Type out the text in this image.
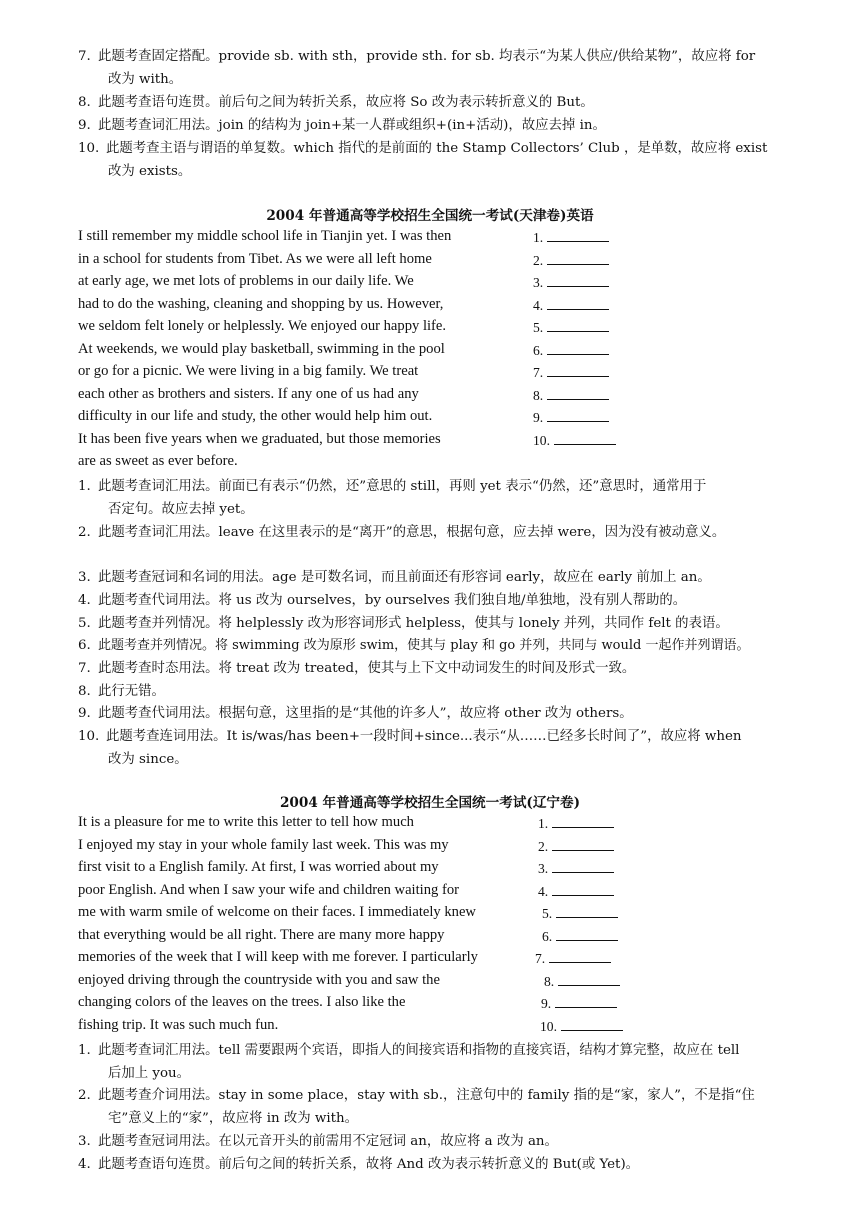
7. 此题考查固定搭配。provide sb. with sth，provide sth. for sb. 均表示“为某人供应/供给某物”，故应将 for
改为 with。
8. 此题考查语句连贯。前后句之间为转折关系，故应将 So 改为表示转折意义的 But。
9. 此题考查词汇用法。join 的结构为 join+某一人群或组织+(in+活动)，故应去掉 in。
10. 此题考查主语与谓语的单复数。which 指代的是前面的 the Stamp Collectors’ Club ，是单数，故应将 exist
改为 exists。
2004 年普通高等学校招生全国统一考试(天津卷)英语
I still remember my middle school life in Tianjin yet. I was then
in a school for students from Tibet. As we were all left home
at early age, we met lots of problems in our daily life. We
had to do the washing, cleaning and shopping by us. However,
we seldom felt lonely or helplessly. We enjoyed our happy life.
At weekends, we would play basketball, swimming in the pool
or go for a picnic. We were living in a big family. We treat
each other as brothers and sisters. If any one of us had any
difficulty in our life and study, the other would help him out.
It has been five years when we graduated, but those memories
are as sweet as ever before.
1.
2.
3.
4.
5.
6.
7.
8.
9.
10.
1. 此题考查词汇用法。前面已有表示“仍然，还”意思的 still，再则 yet 表示“仍然，还”意思时，通常用于
否定句。故应去掉 yet。
2. 此题考查词汇用法。leave 在这里表示的是“离开”的意思，根据句意，应去掉 were，因为没有被动意义。
3. 此题考查冠词和名词的用法。age 是可数名词，而且前面还有形容词 early，故应在 early 前加上 an。
4. 此题考查代词用法。将 us 改为 ourselves，by ourselves 我们独自地/单独地，没有别人帮助的。
5. 此题考查并列情况。将 helplessly 改为形容词形式 helpless，使其与 lonely 并列，共同作 felt 的表语。
6. 此题考查并列情况。将 swimming 改为原形 swim，使其与 play 和 go 并列，共同与 would 一起作并列谓语。
7. 此题考查时态用法。将 treat 改为 treated，使其与上下文中动词发生的时间及形式一致。
8. 此行无错。
9. 此题考查代词用法。根据句意，这里指的是“其他的许多人”，故应将 other 改为 others。
10. 此题考查连词用法。It is/was/has been+一段时间+since...表示“从……已经多长时间了”，故应将 when
改为 since。
2004 年普通高等学校招生全国统一考试(辽宁卷)
It is a pleasure for me to write this letter to tell how much
I enjoyed my stay in your whole family last week. This was my
first visit to a English family. At first, I was worried about my
poor English. And when I saw your wife and children waiting for
me with warm smile of welcome on their faces. I immediately knew
that everything would be all right. There are many more happy
memories of the week that I will keep with me forever. I particularly
enjoyed driving through the countryside with you and saw the
changing colors of the leaves on the trees. I also like the
fishing trip. It was such much fun.
1.
2.
3.
4.
5.
6.
7.
8.
9.
10.
1. 此题考查词汇用法。tell 需要跟两个宾语，即指人的间接宾语和指物的直接宾语，结构才算完整，故应在 tell
后加上 you。
2. 此题考查介词用法。stay in some place，stay with sb.，注意句中的 family 指的是“家，家人”，不是指“住
宅”意义上的“家”，故应将 in 改为 with。
3. 此题考查冠词用法。在以元音开头的前需用不定冠词 an，故应将 a 改为 an。
4. 此题考查语句连贯。前后句之间的转折关系，故将 And 改为表示转折意义的 But(或 Yet)。
